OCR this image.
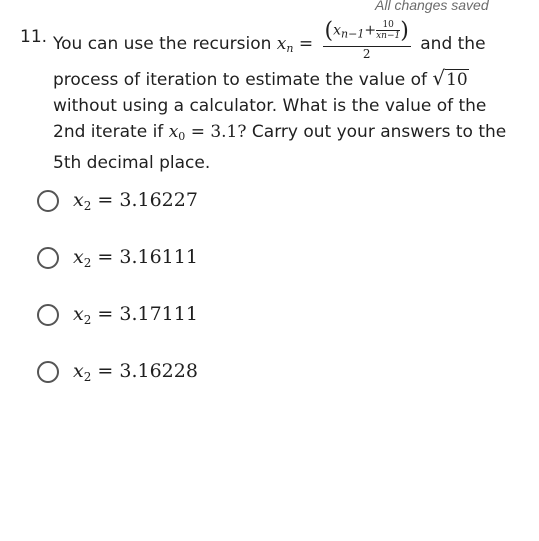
All changes saved
11. You can use the recursion $x_n = \frac{(x_{n-1}+ \frac{10}{xn-1} )}{2}$ and the process of iteration to estimate the value of √10 without using a calculator. What is the value of the 2nd iterate if $x_0 = 3.1$? Carry out your answers to the 5th decimal place.
$x_2 = 3.16227$
$x_2 = 3.16111$
$x_2 = 3.17111$
$x_2 = 3.16228$
